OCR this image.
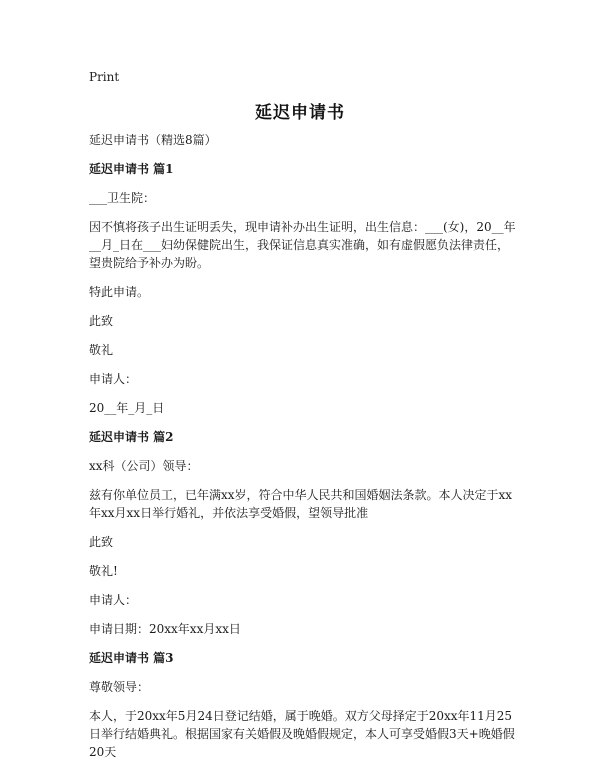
Print
延迟申请书

延迟申请书（精选8篇）

延迟申请书 篇1

___卫生院：

因不慎将孩子出生证明丢失，现申请补办出生证明，出生信息：___(女)，20__年__月_日在___妇幼保健院出生，我保证信息真实准确，如有虚假愿负法律责任，望贵院给予补办为盼。

特此申请。

此致

敬礼

申请人：

20__年_月_日

延迟申请书 篇2

xx科（公司）领导：

兹有你单位员工，已年满xx岁，符合中华人民共和国婚姻法条款。本人决定于xx年xx月xx日举行婚礼，并依法享受婚假，望领导批准

此致

敬礼!

申请人：

申请日期：20xx年xx月xx日

延迟申请书 篇3

尊敬领导：

本人，于20xx年5月24日登记结婚，属于晚婚。双方父母择定于20xx年11月25日举行结婚典礼。根据国家有关婚假及晚婚假规定，本人可享受婚假3天+晚婚假20天
